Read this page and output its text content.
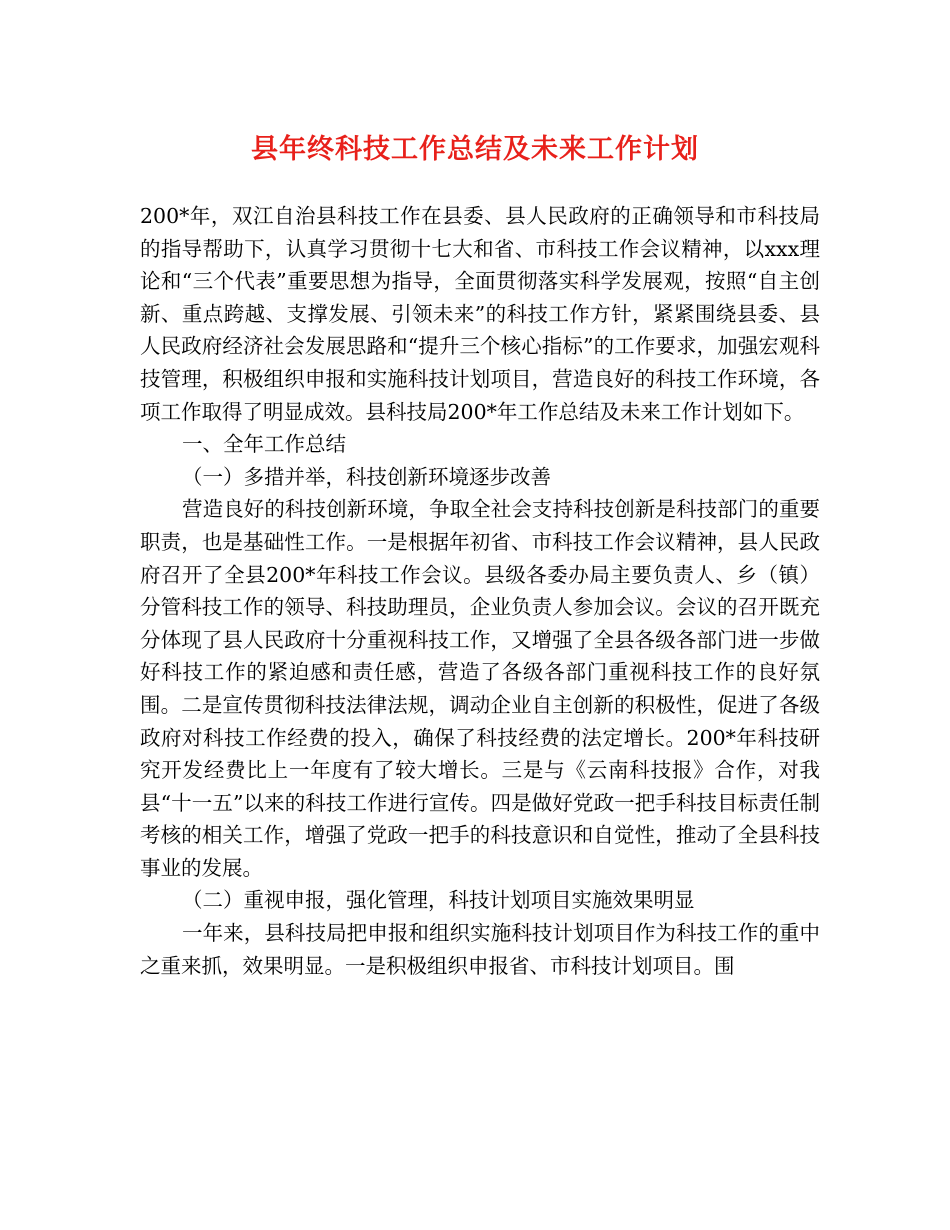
县年终科技工作总结及未来工作计划

200*年，双江自治县科技工作在县委、县人民政府的正确领导和市科技局的指导帮助下，认真学习贯彻十七大和省、市科技工作会议精神，以xxx理论和“三个代表”重要思想为指导，全面贯彻落实科学发展观，按照“自主创新、重点跨越、支撑发展、引领未来”的科技工作方针，紧紧围绕县委、县人民政府经济社会发展思路和“提升三个核心指标”的工作要求，加强宏观科技管理，积极组织申报和实施科技计划项目，营造良好的科技工作环境，各项工作取得了明显成效。县科技局200*年工作总结及未来工作计划如下。

一、全年工作总结

（一）多措并举，科技创新环境逐步改善

营造良好的科技创新环境，争取全社会支持科技创新是科技部门的重要职责，也是基础性工作。一是根据年初省、市科技工作会议精神，县人民政府召开了全县200*年科技工作会议。县级各委办局主要负责人、乡（镇）分管科技工作的领导、科技助理员，企业负责人参加会议。会议的召开既充分体现了县人民政府十分重视科技工作，又增强了全县各级各部门进一步做好科技工作的紧迫感和责任感，营造了各级各部门重视科技工作的良好氛围。二是宣传贯彻科技法律法规，调动企业自主创新的积极性，促进了各级政府对科技工作经费的投入，确保了科技经费的法定增长。200*年科技研究开发经费比上一年度有了较大增长。三是与《云南科技报》合作，对我县“十一五”以来的科技工作进行宣传。四是做好党政一把手科技目标责任制考核的相关工作，增强了党政一把手的科技意识和自觉性，推动了全县科技事业的发展。

（二）重视申报，强化管理，科技计划项目实施效果明显

一年来，县科技局把申报和组织实施科技计划项目作为科技工作的重中之重来抓，效果明显。一是积极组织申报省、市科技计划项目。围
